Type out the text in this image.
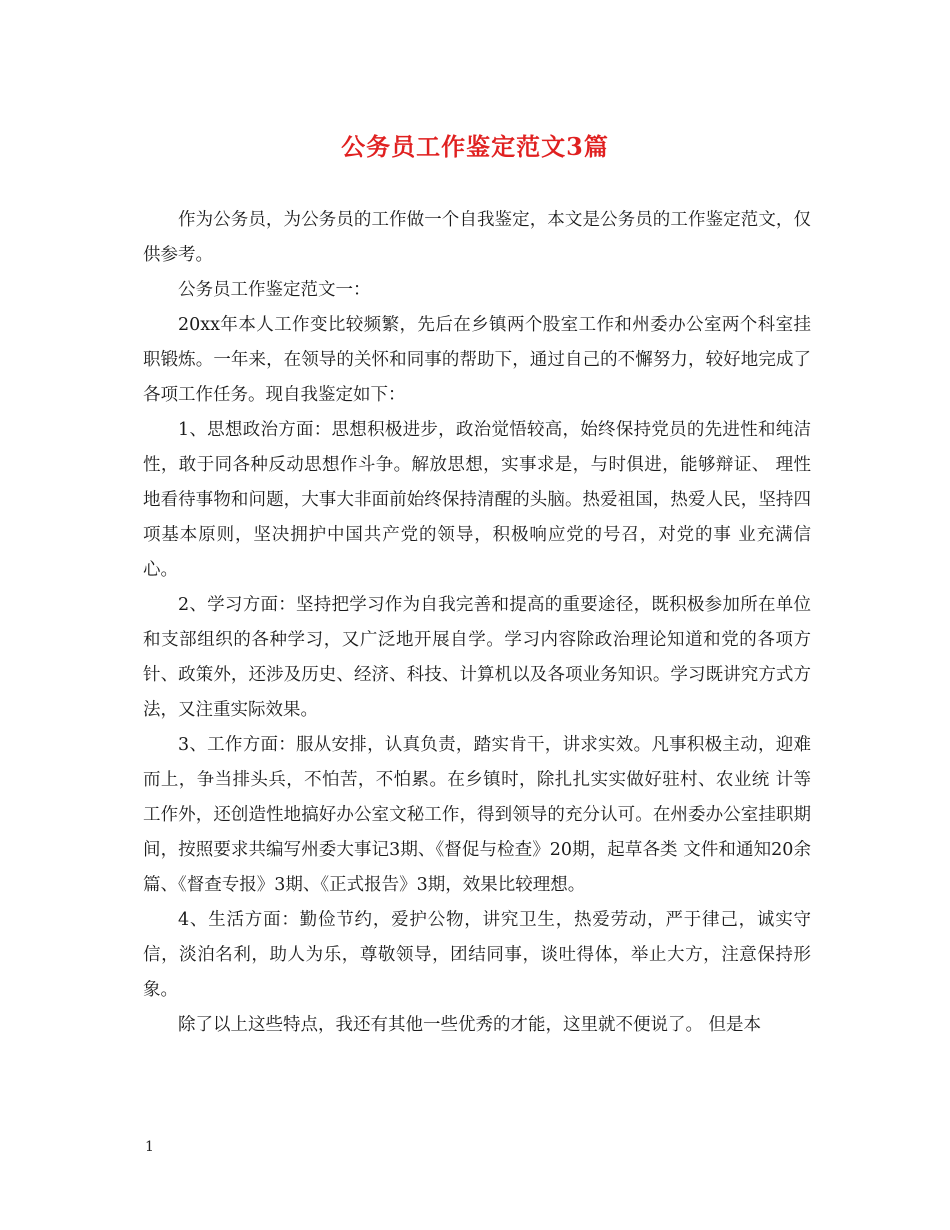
公务员工作鉴定范文3篇

作为公务员，为公务员的工作做一个自我鉴定，本文是公务员的工作鉴定范文，仅供参考。

公务员工作鉴定范文一：

20xx年本人工作变比较频繁，先后在乡镇两个股室工作和州委办公室两个科室挂职锻炼。一年来，在领导的关怀和同事的帮助下，通过自己的不懈努力，较好地完成了各项工作任务。现自我鉴定如下：

1、思想政治方面：思想积极进步，政治觉悟较高，始终保持党员的先进性和纯洁性，敢于同各种反动思想作斗争。解放思想，实事求是，与时俱进，能够辩证、 理性地看待事物和问题，大事大非面前始终保持清醒的头脑。热爱祖国，热爱人民，坚持四项基本原则，坚决拥护中国共产党的领导，积极响应党的号召，对党的事 业充满信心。

2、学习方面：坚持把学习作为自我完善和提高的重要途径，既积极参加所在单位和支部组织的各种学习，又广泛地开展自学。学习内容除政治理论知道和党的各项方针、政策外，还涉及历史、经济、科技、计算机以及各项业务知识。学习既讲究方式方法，又注重实际效果。

3、工作方面：服从安排，认真负责，踏实肯干，讲求实效。凡事积极主动，迎难而上，争当排头兵，不怕苦，不怕累。在乡镇时，除扎扎实实做好驻村、农业统 计等工作外，还创造性地搞好办公室文秘工作，得到领导的充分认可。在州委办公室挂职期间，按照要求共编写州委大事记3期、《督促与检查》20期，起草各类 文件和通知20余篇、《督查专报》3期、《正式报告》3期，效果比较理想。

4、生活方面：勤俭节约，爱护公物，讲究卫生，热爱劳动，严于律己，诚实守信，淡泊名利，助人为乐，尊敬领导，团结同事，谈吐得体，举止大方，注意保持形象。

除了以上这些特点，我还有其他一些优秀的才能，这里就不便说了。 但是本

1
